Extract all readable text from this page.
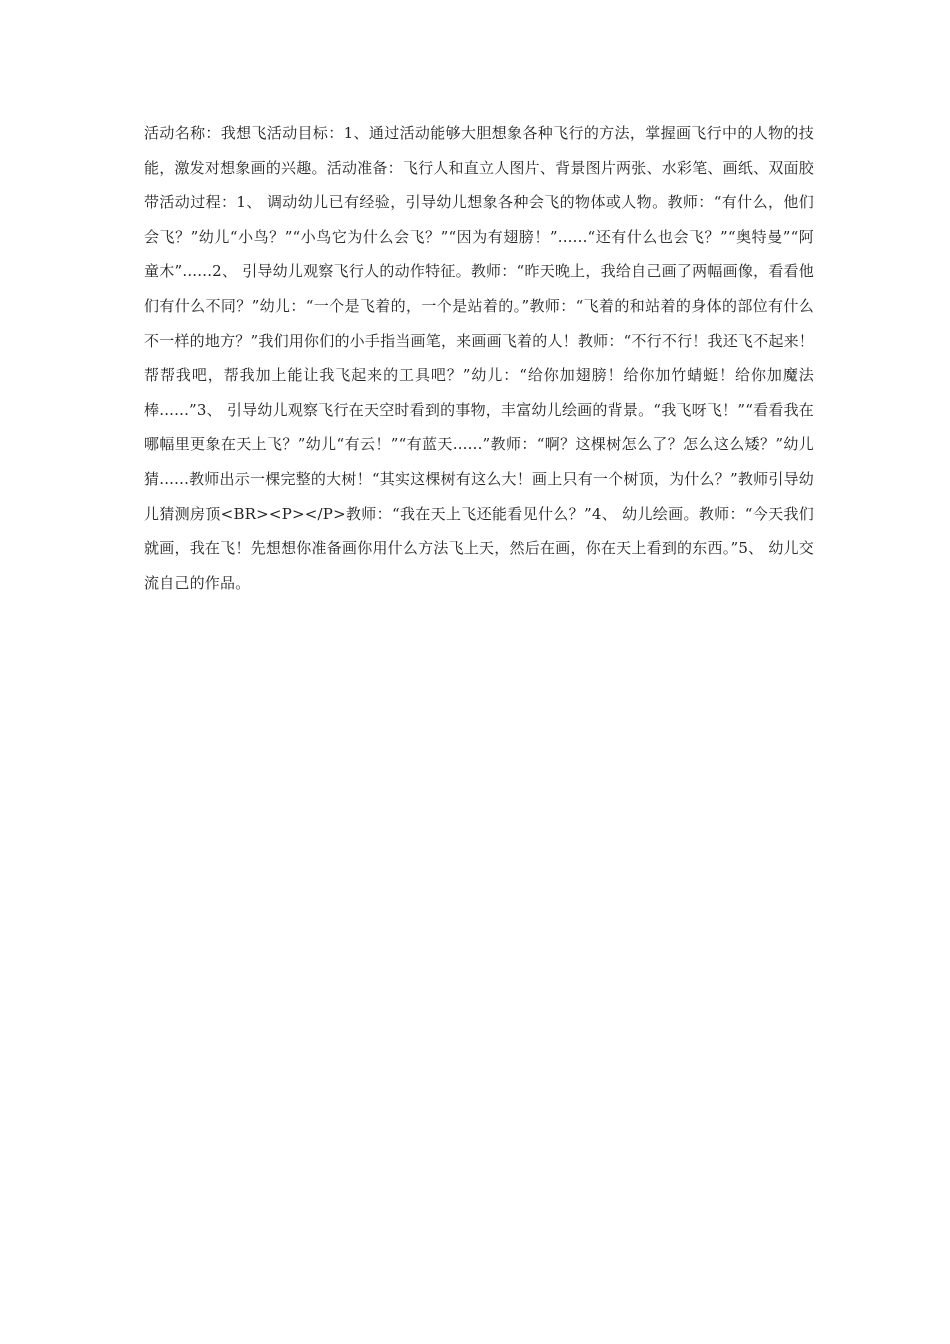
活动名称：我想飞活动目标：1、通过活动能够大胆想象各种飞行的方法，掌握画飞行中的人物的技能，激发对想象画的兴趣。活动准备：飞行人和直立人图片、背景图片两张、水彩笔、画纸、双面胶带活动过程：1、 调动幼儿已有经验，引导幼儿想象各种会飞的物体或人物。教师：“有什么，他们会飞？”幼儿“小鸟？”“小鸟它为什么会飞？”“因为有翅膀！”......“还有什么也会飞？”“奥特曼”“阿童木”......2、 引导幼儿观察飞行人的动作特征。教师：“昨天晚上，我给自己画了两幅画像，看看他们有什么不同？”幼儿：“一个是飞着的，一个是站着的。”教师：“飞着的和站着的身体的部位有什么不一样的地方？”我们用你们的小手指当画笔，来画画飞着的人！教师：“不行不行！我还飞不起来！帮帮我吧，帮我加上能让我飞起来的工具吧？”幼儿：“给你加翅膀！给你加竹蜻蜓！给你加魔法棒......”3、 引导幼儿观察飞行在天空时看到的事物，丰富幼儿绘画的背景。“我飞呀飞！”“看看我在哪幅里更象在天上飞？”幼儿“有云！”“有蓝天......”教师：“啊？这棵树怎么了？怎么这么矮？”幼儿猜......教师出示一棵完整的大树！“其实这棵树有这么大！画上只有一个树顶，为什么？”教师引导幼儿猜测房顶<BR><P></P>教师：“我在天上飞还能看见什么？”4、 幼儿绘画。教师：“今天我们就画，我在飞！先想想你准备画你用什么方法飞上天，然后在画，你在天上看到的东西。”5、 幼儿交流自己的作品。
